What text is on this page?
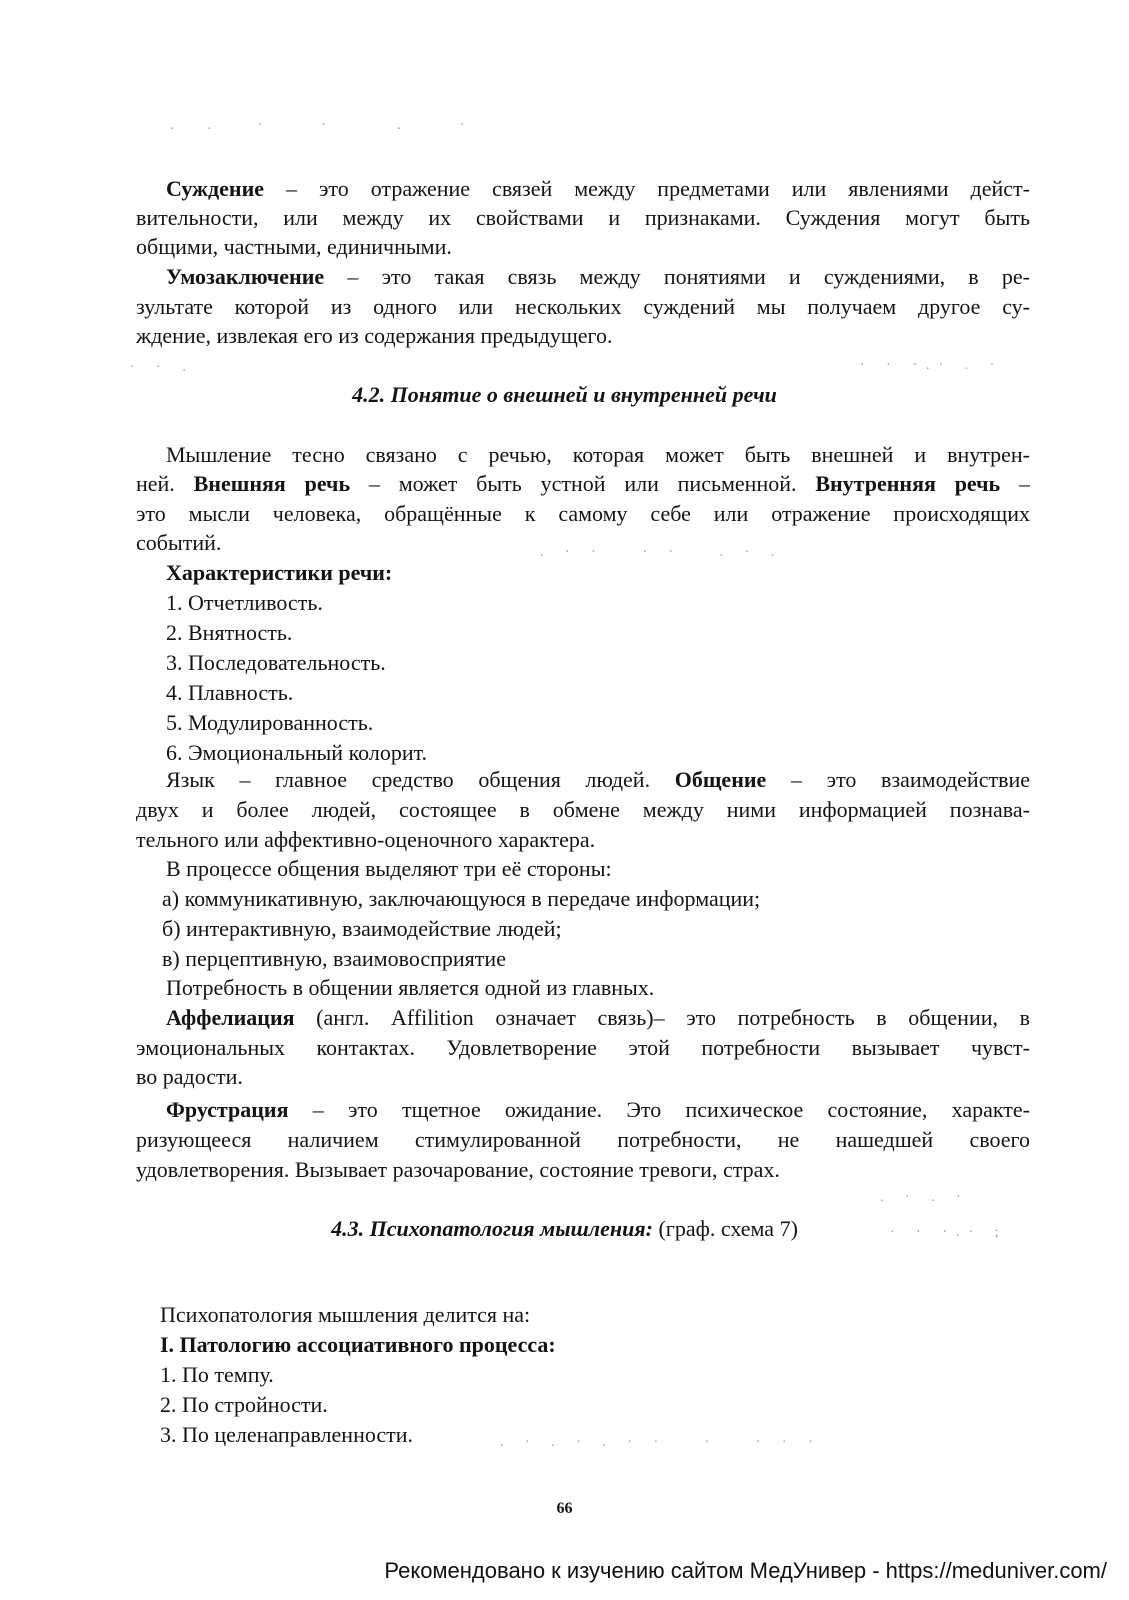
.  .   ·    ·     .    ·
· · .	· · ·.· . ·
. · ·   · ·   . · .
. · . ·
· · ·.· ;
. · . · . · ·   ·   · · ·
Суждение – это отражение связей между предметами или явлениями дейст-
вительности, или между их свойствами и признаками. Суждения могут быть
общими, частными, единичными.
Умозаключение – это такая связь между понятиями и суждениями, в ре-
зультате которой из одного или нескольких суждений мы получаем другое су-
ждение, извлекая его из содержания предыдущего.
4.2. Понятие о внешней и внутренней речи
Мышление тесно связано с речью, которая может быть внешней и внутрен-
ней. Внешняя речь – может быть устной или письменной. Внутренняя речь –
это мысли человека, обращённые к самому себе или отражение происходящих
событий.
Характеристики речи:
1. Отчетливость.
2. Внятность.
3. Последовательность.
4. Плавность.
5. Модулированность.
6. Эмоциональный колорит.
Язык – главное средство общения людей. Общение – это взаимодействие
двух и более людей, состоящее в обмене между ними информацией познава-
тельного или аффективно-оценочного характера.
В процессе общения выделяют три её стороны:
а) коммуникативную, заключающуюся в передаче информации;
б) интерактивную, взаимодействие людей;
в) перцептивную, взаимовосприятие
Потребность в общении является одной из главных.
Аффелиация (англ. Affilition означает связь)– это потребность в общении, в
эмоциональных контактах. Удовлетворение этой потребности вызывает чувст-
во радости.
Фрустрация – это тщетное ожидание. Это психическое состояние, характе-
ризующееся наличием стимулированной потребности, не нашедшей своего
удовлетворения. Вызывает разочарование, состояние тревоги, страх.
4.3. Психопатология мышления: (граф. схема 7)
Психопатология мышления делится на:
I. Патологию ассоциативного процесса:
1. По темпу.
2. По стройности.
3. По целенаправленности.
66
Рекомендовано к изучению сайтом МедУнивер - https://meduniver.com/
